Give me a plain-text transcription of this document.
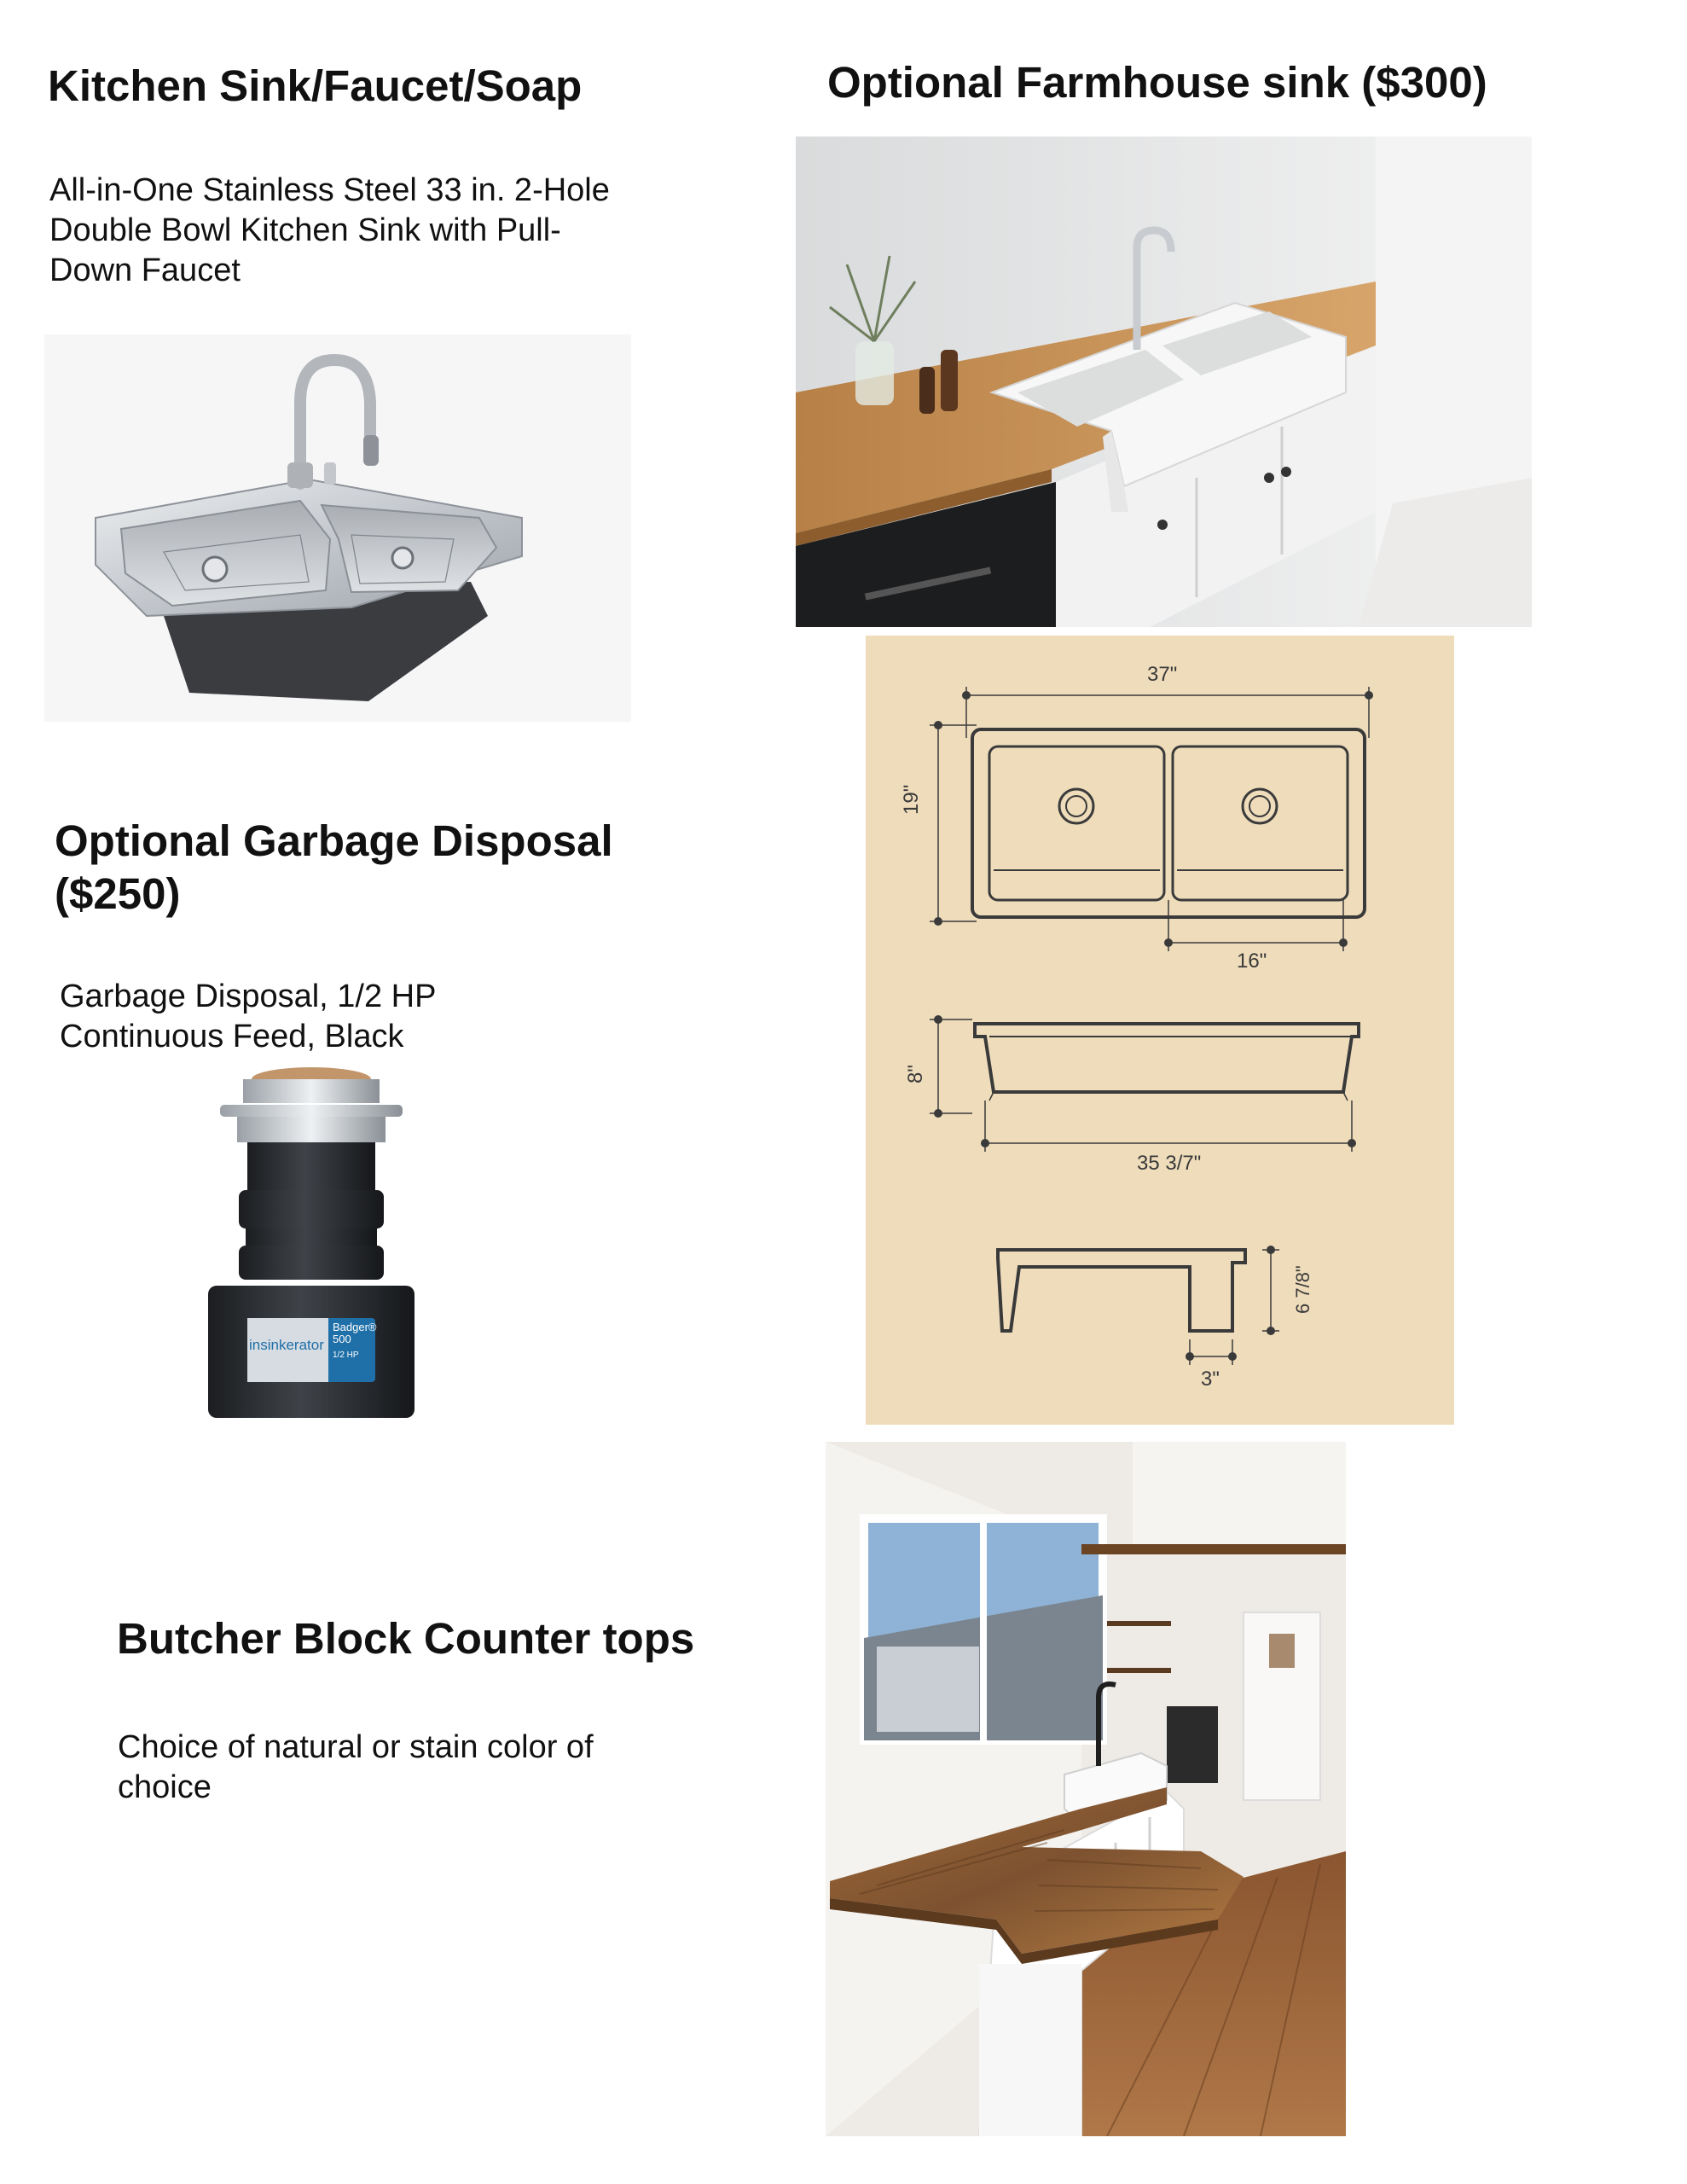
Kitchen Sink/Faucet/Soap

All-in-One Stainless Steel 33 in. 2-Hole
Double Bowl Kitchen Sink with Pull-
Down Faucet

Optional Garbage Disposal
($250)

Garbage Disposal, 1/2 HP
Continuous Feed, Black

insinkerator
Badger® 500
1/2 HP
Butcher Block Counter tops

Choice of natural or stain color of
choice

Optional Farmhouse sink ($300)
37"
19"
16"
8"
35 3/7"
6 7/8"
3"
